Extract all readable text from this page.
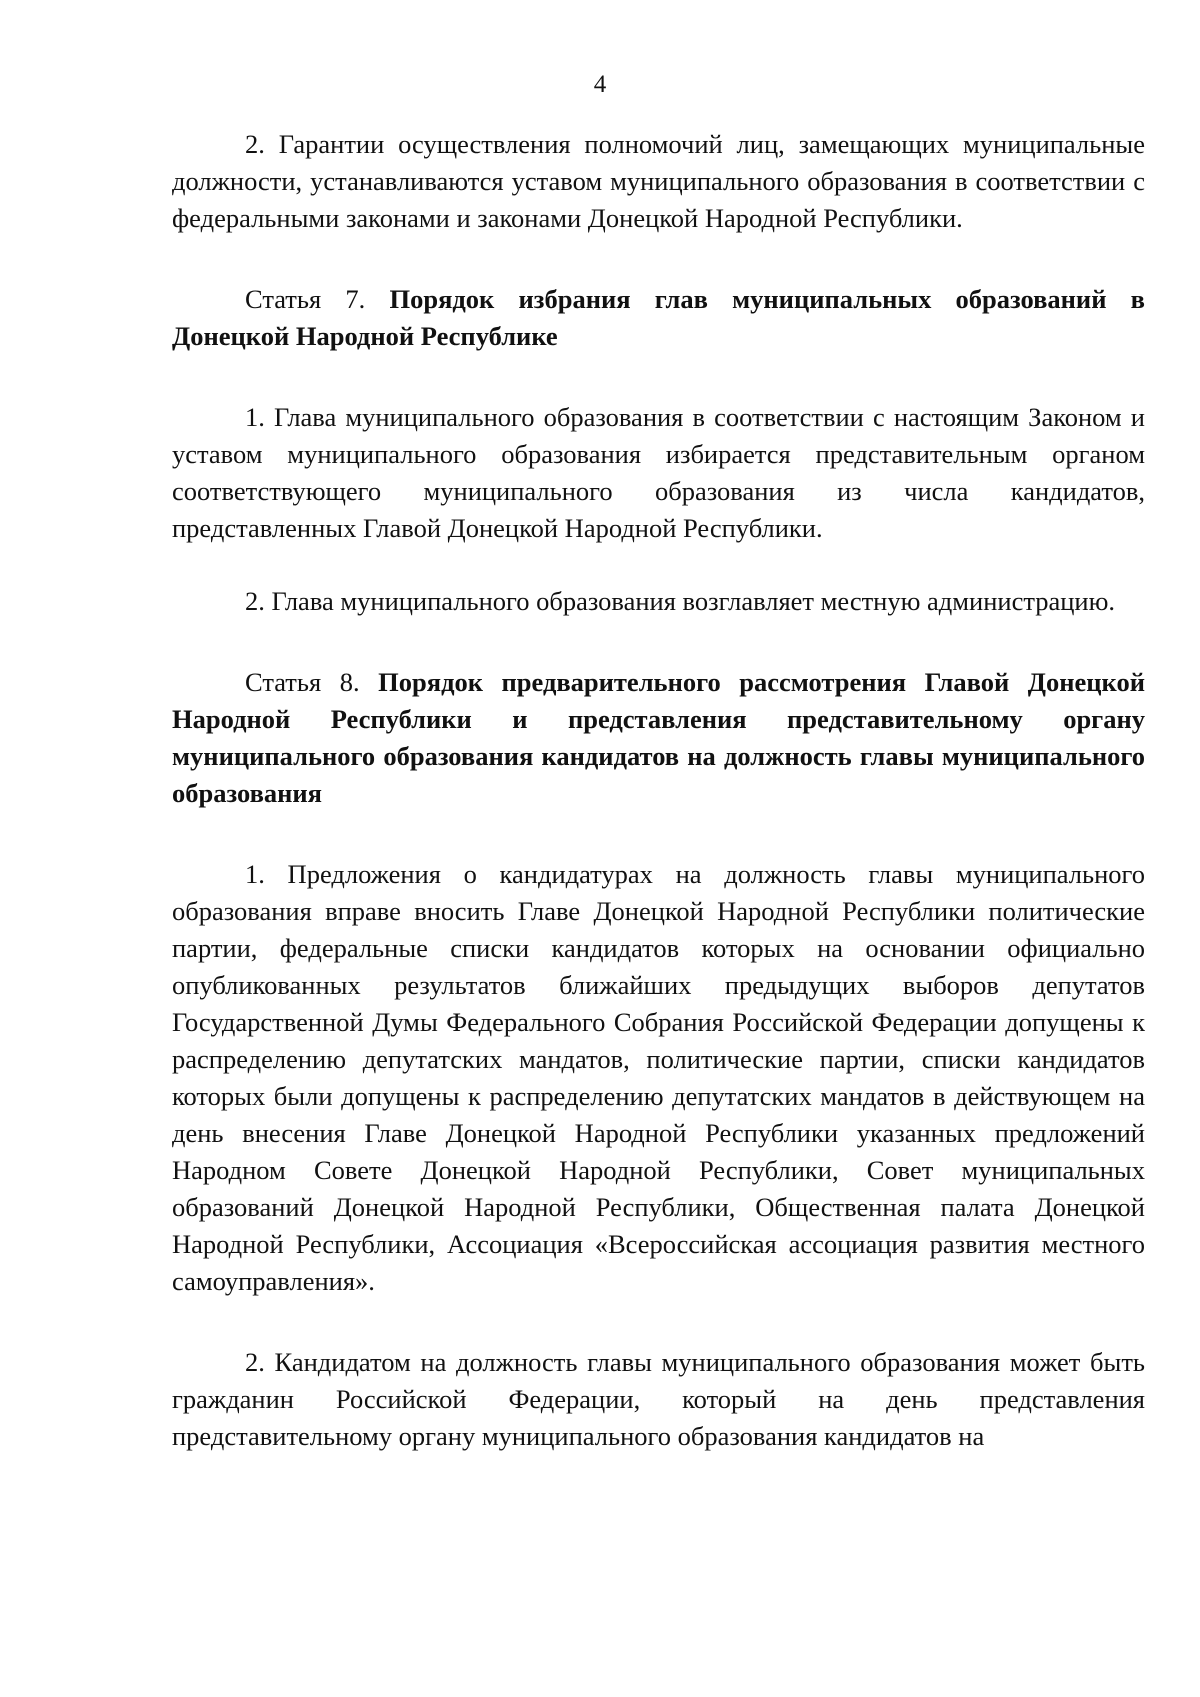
4

2. Гарантии осуществления полномочий лиц, замещающих муниципальные должности, устанавливаются уставом муниципального образования в соответствии с федеральными законами и законами Донецкой Народной Республики.

Статья 7. Порядок избрания глав муниципальных образований в Донецкой Народной Республике

1. Глава муниципального образования в соответствии с настоящим Законом и уставом муниципального образования избирается представительным органом соответствующего муниципального образования из числа кандидатов, представленных Главой Донецкой Народной Республики.

2. Глава муниципального образования возглавляет местную администрацию.

Статья 8. Порядок предварительного рассмотрения Главой Донецкой Народной Республики и представления представительному органу муниципального образования кандидатов на должность главы муниципального образования

1. Предложения о кандидатурах на должность главы муниципального образования вправе вносить Главе Донецкой Народной Республики политические партии, федеральные списки кандидатов которых на основании официально опубликованных результатов ближайших предыдущих выборов депутатов Государственной Думы Федерального Собрания Российской Федерации допущены к распределению депутатских мандатов, политические партии, списки кандидатов которых были допущены к распределению депутатских мандатов в действующем на день внесения Главе Донецкой Народной Республики указанных предложений Народном Совете Донецкой Народной Республики, Совет муниципальных образований Донецкой Народной Республики, Общественная палата Донецкой Народной Республики, Ассоциация «Всероссийская ассоциация развития местного самоуправления».

2. Кандидатом на должность главы муниципального образования может быть гражданин Российской Федерации, который на день представления представительному органу муниципального образования кандидатов на
